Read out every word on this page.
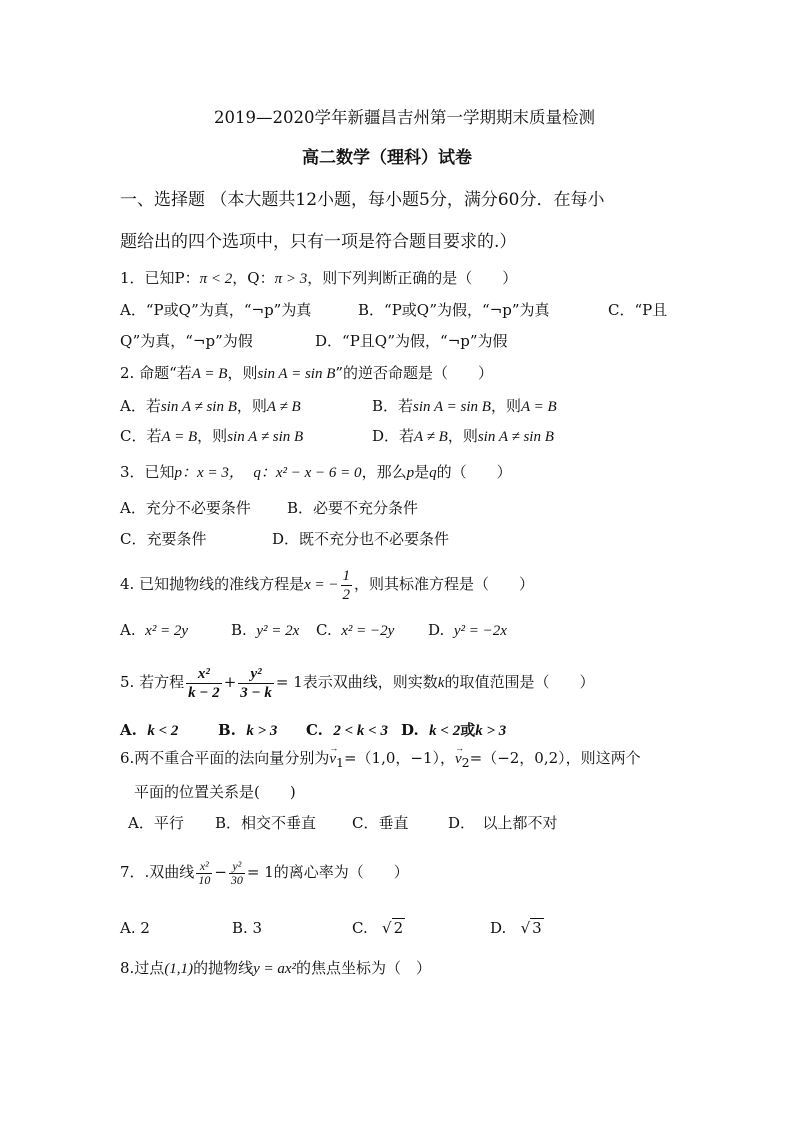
2019—2020学年新疆昌吉州第一学期期末质量检测
高二数学（理科）试卷
一、选择题 （本大题共12小题，每小题5分，满分60分．在每小
题给出的四个选项中，只有一项是符合题目要求的.）
1．已知P：π < 2，Q：π > 3，则下列判断正确的是（　　）
A．“P或Q”为真，“¬p”为真	B．“P或Q”为假，“¬p”为真	C．“P且
Q”为真，“¬p”为假	D．“P且Q”为假，“¬p”为假
2. 命题“若A = B，则sin A = sin B”的逆否命题是（　　）
A．若sin A ≠ sin B，则A ≠ B	B．若sin A = sin B，则A = B
C．若A = B，则sin A ≠ sin B	D．若A ≠ B，则sin A ≠ sin B
3．已知p：x = 3， q：x² − x − 6 = 0，那么p是q的（　　）
A．充分不必要条件 B．必要不充分条件
C．充要条件	D．既不充分也不必要条件
4. 已知抛物线的准线方程是x = − $\frac{1}{2}$ ，则其标准方程是（　　）
A. x² = 2y	B. y² = 2x C. x² = −2y D. y² = −2x
5. 若方程 $\frac{\text{x²}}{k - 2} + \frac{\text{y²}}{3 - k} = 1$表示双曲线，则实数k的取值范围是（　　）
A. k < 2	B. k > 3 C. 2 < k < 3 D. k < 2或k > 3
6.两不重合平面的法向量分别为→ $v_1=(1,0$，−1），→ $v_2=(-2$，0,2），则这两个
平面的位置关系是(　　)
A．平行 B．相交不垂直 C．垂直	D．　以上都不对
7．.双曲线 $\frac{\text{x²}}{10} - \frac{\text{y²}}{30} = 1$的离心率为（　　）
A. 2	B. 3	C. √ 2	D. √ 3
8.过点(1,1)的抛物线y = ax²的焦点坐标为（　）
